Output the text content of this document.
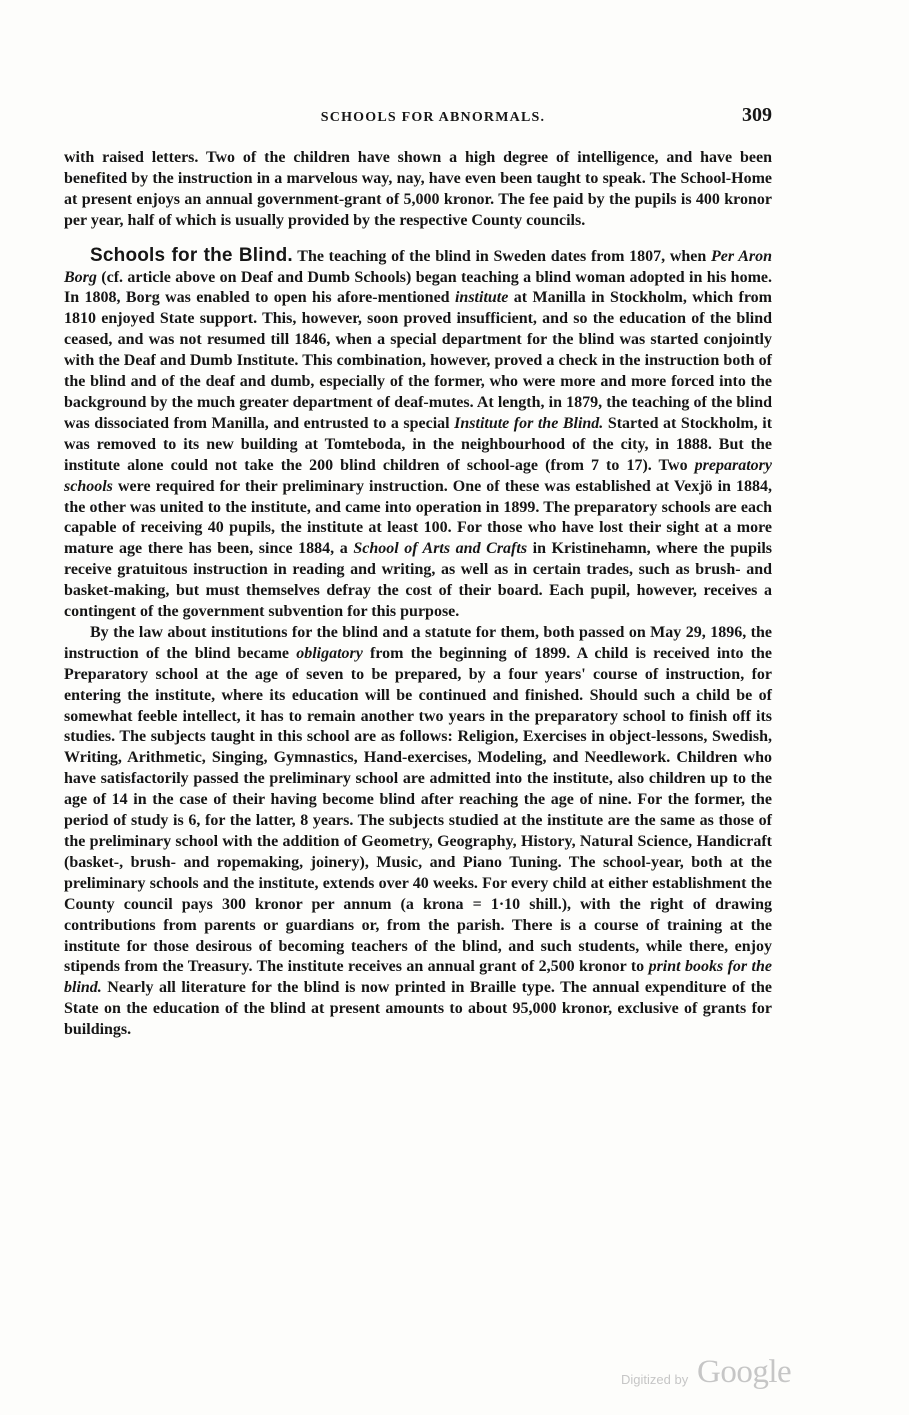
SCHOOLS FOR ABNORMALS.	309

with raised letters. Two of the children have shown a high degree of intelligence, and have been benefited by the instruction in a marvelous way, nay, have even been taught to speak. The School-Home at present enjoys an annual government-grant of 5,000 kronor. The fee paid by the pupils is 400 kronor per year, half of which is usually provided by the respective County councils.

Schools for the Blind. The teaching of the blind in Sweden dates from 1807, when Per Aron Borg (cf. article above on Deaf and Dumb Schools) began teaching a blind woman adopted in his home. In 1808, Borg was enabled to open his afore-mentioned institute at Manilla in Stockholm, which from 1810 enjoyed State support. This, however, soon proved insufficient, and so the education of the blind ceased, and was not resumed till 1846, when a special department for the blind was started conjointly with the Deaf and Dumb Institute. This combination, however, proved a check in the instruction both of the blind and of the deaf and dumb, especially of the former, who were more and more forced into the background by the much greater department of deaf-mutes. At length, in 1879, the teaching of the blind was dissociated from Manilla, and entrusted to a special Institute for the Blind. Started at Stockholm, it was removed to its new building at Tomteboda, in the neighbourhood of the city, in 1888. But the institute alone could not take the 200 blind children of school-age (from 7 to 17). Two preparatory schools were required for their preliminary instruction. One of these was established at Vexjö in 1884, the other was united to the institute, and came into operation in 1899. The preparatory schools are each capable of receiving 40 pupils, the institute at least 100. For those who have lost their sight at a more mature age there has been, since 1884, a School of Arts and Crafts in Kristinehamn, where the pupils receive gratuitous instruction in reading and writing, as well as in certain trades, such as brush- and basket-making, but must themselves defray the cost of their board. Each pupil, however, receives a contingent of the government subvention for this purpose.

By the law about institutions for the blind and a statute for them, both passed on May 29, 1896, the instruction of the blind became obligatory from the beginning of 1899. A child is received into the Preparatory school at the age of seven to be prepared, by a four years' course of instruction, for entering the institute, where its education will be continued and finished. Should such a child be of somewhat feeble intellect, it has to remain another two years in the preparatory school to finish off its studies. The subjects taught in this school are as follows: Religion, Exercises in object-lessons, Swedish, Writing, Arithmetic, Singing, Gymnastics, Hand-exercises, Modeling, and Needlework. Children who have satisfactorily passed the preliminary school are admitted into the institute, also children up to the age of 14 in the case of their having become blind after reaching the age of nine. For the former, the period of study is 6, for the latter, 8 years. The subjects studied at the institute are the same as those of the preliminary school with the addition of Geometry, Geography, History, Natural Science, Handicraft (basket-, brush- and ropemaking, joinery), Music, and Piano Tuning. The school-year, both at the preliminary schools and the institute, extends over 40 weeks. For every child at either establishment the County council pays 300 kronor per annum (a krona = 1·10 shill.), with the right of drawing contributions from parents or guardians or, from the parish. There is a course of training at the institute for those desirous of becoming teachers of the blind, and such students, while there, enjoy stipends from the Treasury. The institute receives an annual grant of 2,500 kronor to print books for the blind. Nearly all literature for the blind is now printed in Braille type. The annual expenditure of the State on the education of the blind at present amounts to about 95,000 kronor, exclusive of grants for buildings.

Digitized by Google
